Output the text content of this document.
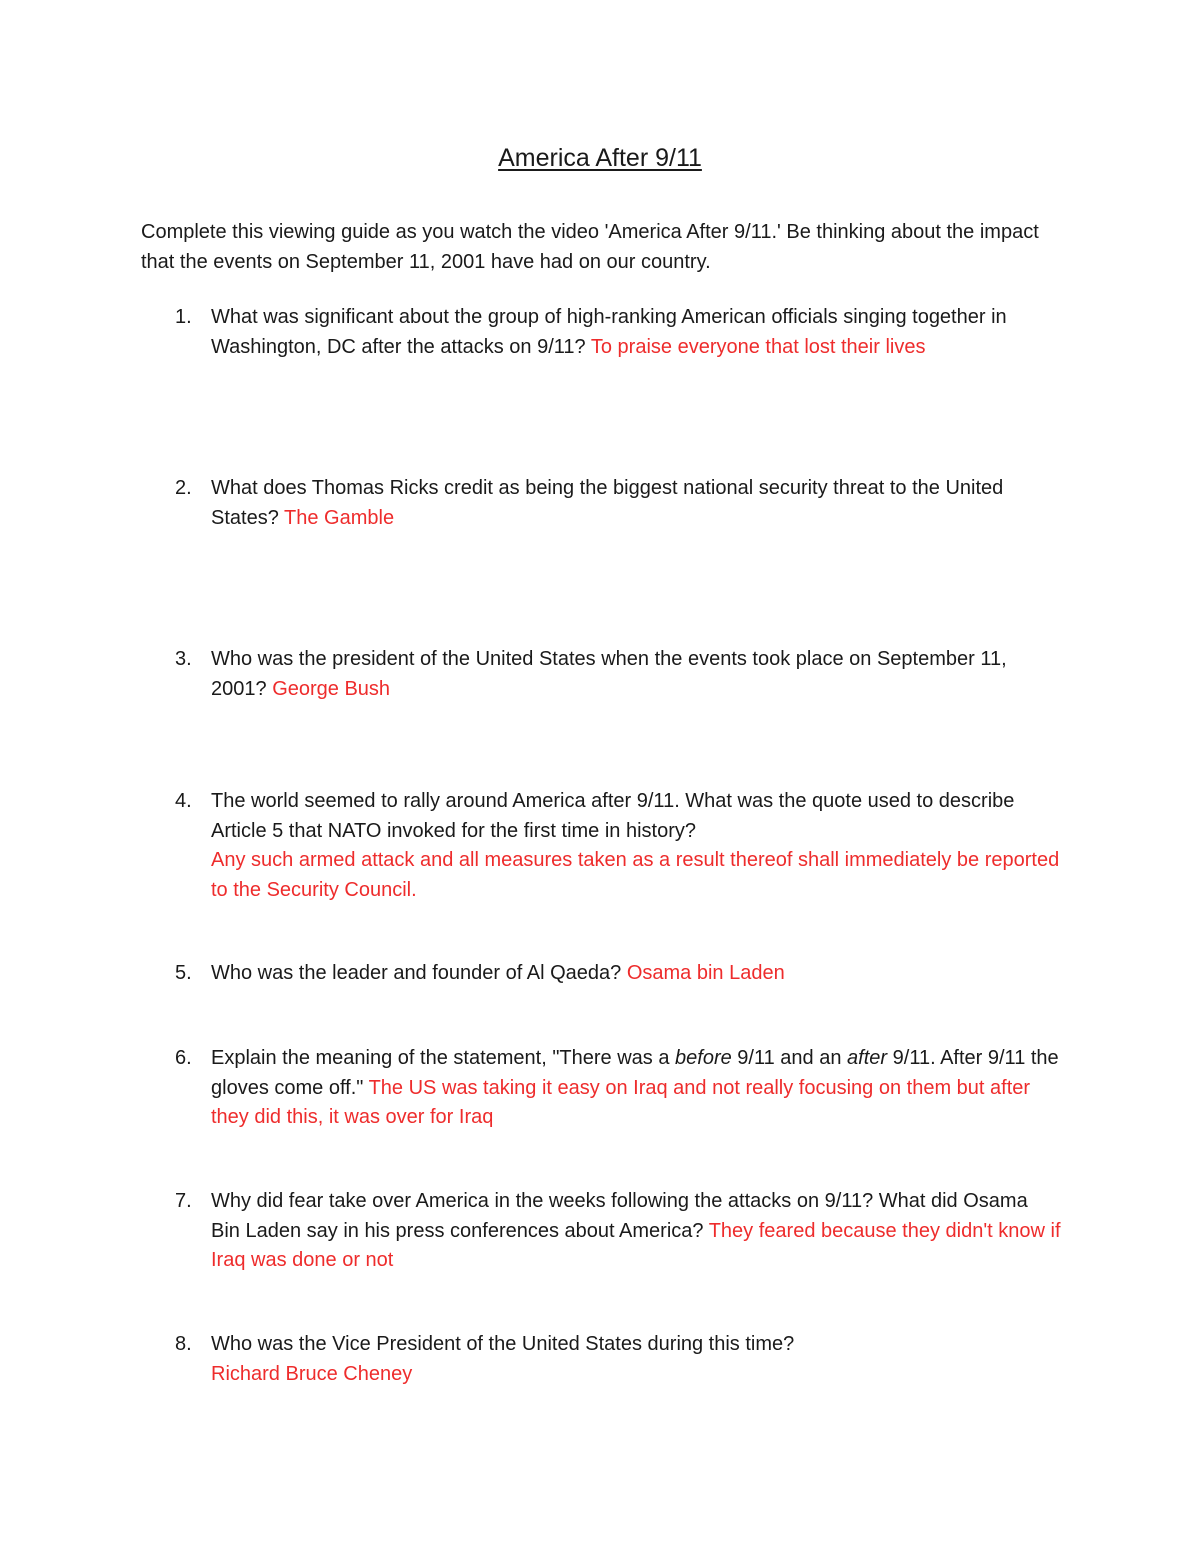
America After 9/11
Complete this viewing guide as you watch the video 'America After 9/11.' Be thinking about the impact that the events on September 11, 2001 have had on our country.
1. What was significant about the group of high-ranking American officials singing together in Washington, DC after the attacks on 9/11? To praise everyone that lost their lives
2. What does Thomas Ricks credit as being the biggest national security threat to the United States? The Gamble
3. Who was the president of the United States when the events took place on September 11, 2001? George Bush
4. The world seemed to rally around America after 9/11. What was the quote used to describe Article 5 that NATO invoked for the first time in history?
Any such armed attack and all measures taken as a result thereof shall immediately be reported to the Security Council.
5. Who was the leader and founder of Al Qaeda? Osama bin Laden
6. Explain the meaning of the statement, "There was a before 9/11 and an after 9/11. After 9/11 the gloves come off." The US was taking it easy on Iraq and not really focusing on them but after they did this, it was over for Iraq
7. Why did fear take over America in the weeks following the attacks on 9/11? What did Osama Bin Laden say in his press conferences about America? They feared because they didn't know if Iraq was done or not
8. Who was the Vice President of the United States during this time?
Richard Bruce Cheney
